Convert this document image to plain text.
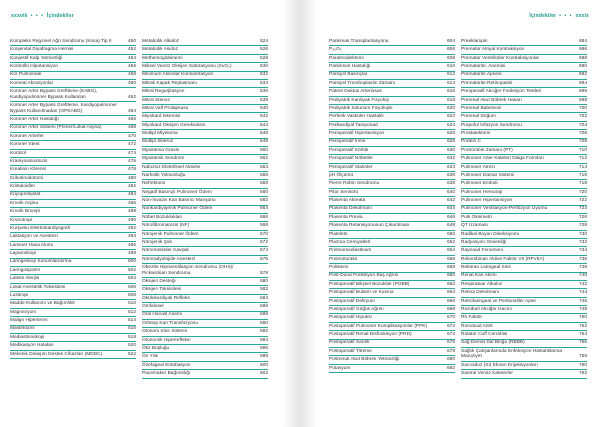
xxxviii • • • İçindekiler
Kompleks Rejyonel Ağrı Sendromu (Kosa) Tip II	450
Konjenital Diyafragma Hernisi	452
Konjestif Kalp Yetmezliği	454
Kontrollü Hipotansiyon	456
Kor Pulmonale	458
Korneal Abrazyonlar	460
Koroner Arter Bypass Greftleme (KABG), Kardiyopulmoner Bypass Kullanılan	462
Koroner Arter Bypass Greftleme, Kardiyopulmoner Bypass Kullanılmadan (OPKABG)	464
Koroner Arter Hastalığı	466
Koroner Arter Sistemi (Primer/Lokal Anjina)	468
Koroner Arterler	470
Koroner Stent	472
Kortizol	474
Kraniyosinostozis	476
Kreatinin Klirensi	478
Krikotiroidotomi	480
Kristaloidler	482
Kriyopresipitat	484
Kronik Anjina	486
Kronik Bronşit	488
Kronotropi	490
Kurşunlu Elektrokardiyografi	492
Laktasyon ve Anestezi	494
Laminer Hava Akımı	496
Laparoskopi	498
Laringeskop Konumlandırma	500
Laringospazm	502
Lateks Alerjisi	504
Lokal Anestetik Toksisitesi	506
Lusitropi	508
Madde Kullanımı ve Bağımlılık	510
Magnezyum	512
Malign Hipertermi	514
Mastektomi	516
Mediastinoskopi	518
Medikasyon Hataları	520
Mekonik Dolaşım Destek Cihazları (MDDC)	522
Metabolik Alkaloz	524
Metabolik Asidoz	526
Methemoglobinemi	528
Miksel Venöz Oksijen Satürasyonu (SvO₂)	530
Minimum Alveolar Konsantrasyon	532
Mitrak Kapak Replasmanı	534
Mitral Regurjitasyon	536
Mitral Stenoz	538
Mitral Valf Prolapsusu	540
Miyokard İskemisi	542
Miyokard Oksijen Gereksinimi	544
Multipl Miyeloma	546
Multipl Skleroz	548
Myastenia Gravis	550
Myastenik Sendrom	552
Nabızsız Elektriksel Aktivite	554
Narkotik Yoksunluğu	556
Nefrektomi	558
Negatif Basınçlı Pulmoner Ödem	560
Non-İnvaziv Kan Basıncı Manşonu	562
Nonkardiyojenik Pulmoner Ödem	564
Nöbet Bozuklukları	566
Nörofibromatozis (NF)	568
Nörojenik Pulmoner Ödem	570
Nörojenik Şok	572
Nöromüsküler Kavşak	574
Nöroradyolojide Anestezi	576
Obezite Hipoventilasyon Sendromu (OHS)/ Pickwickian Sendromu	578
Oksijen Desteği	580
Oksijen Toksisitesi	582
Okülokardiyak Refleks	584
Omfalosel	586
Oral Hicivisl Anemi	588
Ortotop Kan Transfüzyonu	590
Otonom Sinir Sistemi	592
Otonomik Hiperrefleksi	594
Ötiz Boşluğu	596
Ön Yük	598
Özefageal Entübasyon	600
Pacemaker Bağımlılığı	602
İçindekiler • • • xxxix
Pankreas Transplantasyonu	604
P₅₀O₂	606
Paratiroidektomi	608
Parkinson Hastalığı	610
Parsiyel Basınçlar	612
Parsiyel Tromboplastin Zamanı	614
Patent Duktus Arteriosus	616
Pediyatrik Kardiyak Fizyoloji	618
Pediyatrik Solunum Fizyolojisi	620
Perferik Vasküler Hastalık	622
Perikardiyal Tamponad	624
Perioperatif Hipertansiyon	626
Perioperatif İnme	628
Perioperatif Körlük	630
Perioperatif Nöbetler	632
Perioperatif Statinler	634
pH Ölçümü	636
Pierre Robin Sendromu	638
Pitor Sensörü	640
Plasenta Akreata	642
Plasenta Dekolmanı	644
Plasenta Previa	646
Plasenta Retansiyonunun Çıkarılması	648
Platelets	650
Plazma Cemiyatlerl	652
Pnömomediastinum	654
Pnömotoraks	656
Polistemi	658
Post-Dural Ponksiyon Baş Ağrısı	660
Postoperatif Bilişsel Bozukluk (POBB)	662
Postoperatif Bulantı ve Kusma	664
Postoperatif Deliryum	666
Postoperatif Göğüs Ağrısı	668
Postoperatif Hipoksi	670
Postoperatif Pulmoner Komplikasyonlar (PPK)	672
Postoperatif Renal Disfonksiyon (PRD)	674
Postoperatif Sarılık	676
Postoperatif Titreme	678
Postrenal Akut Böbrek Yetmezliği	680
Potasyum	682
Preeklampsi	684
Prematür Atriyal Kontraksiyon	686
Prematür Ventriküler Kontraksiyonlar	688
Prematürite, Anemisi	690
Prematürite Apnesi	692
Prematürite Retinopatisi	694
Preoperatif Akciğer Fonksiyon Testleri	696
Prerenal Akut Böbrek Hasarı	698
Prerenal Babesiozi	700
Prerenal Doğum	702
Propofol İnfüzyon Sendromu	704
Prostatektomi	706
Protein C	708
Protrombin Zamanı (PT)	710
Pulmoner Arter Kateteri Dalga Formları	712
Pulmoner Atrezi	714
Pulmoner Damar Sistemi	716
Pulmoner Emboli	718
Pulmoner Hemoraji	720
Pulmoner Hipertansiyon	722
Pulmoner Ventilasyon-Perfüzyon Uyumu	724
Puls Oksimetri	726
QT Uzaması	728
Radikal Boyun Diseksiyonu	730
Radyasyon Güvenliği	732
Raynaud Fenomeni	734
Rekombinan Aktive Faktör VII (RFVIIA)	736
Reküran Laringeal Sinir	738
Renal Kan Akımı	740
Respiratuar Alkaloz	742
Retina Dekolmanı	744
Retrofaringeal ve Peritonsiller Apse	746
Rezidüel Akciğer Hacmi	748
Rh Faktör	750
Romatoid Artrit	752
Rotator Cuff Cerrahisi	754
Sağ Demet Dal Bloğu (RBBB)	756
Sağlık Çalışanlarında Enfeksiyon Hastalıklarına Maruziyet	758
Sarcoidoz (SI) Ekram Enjeksiyonları	760
Santral Venöz Kateterler	762
